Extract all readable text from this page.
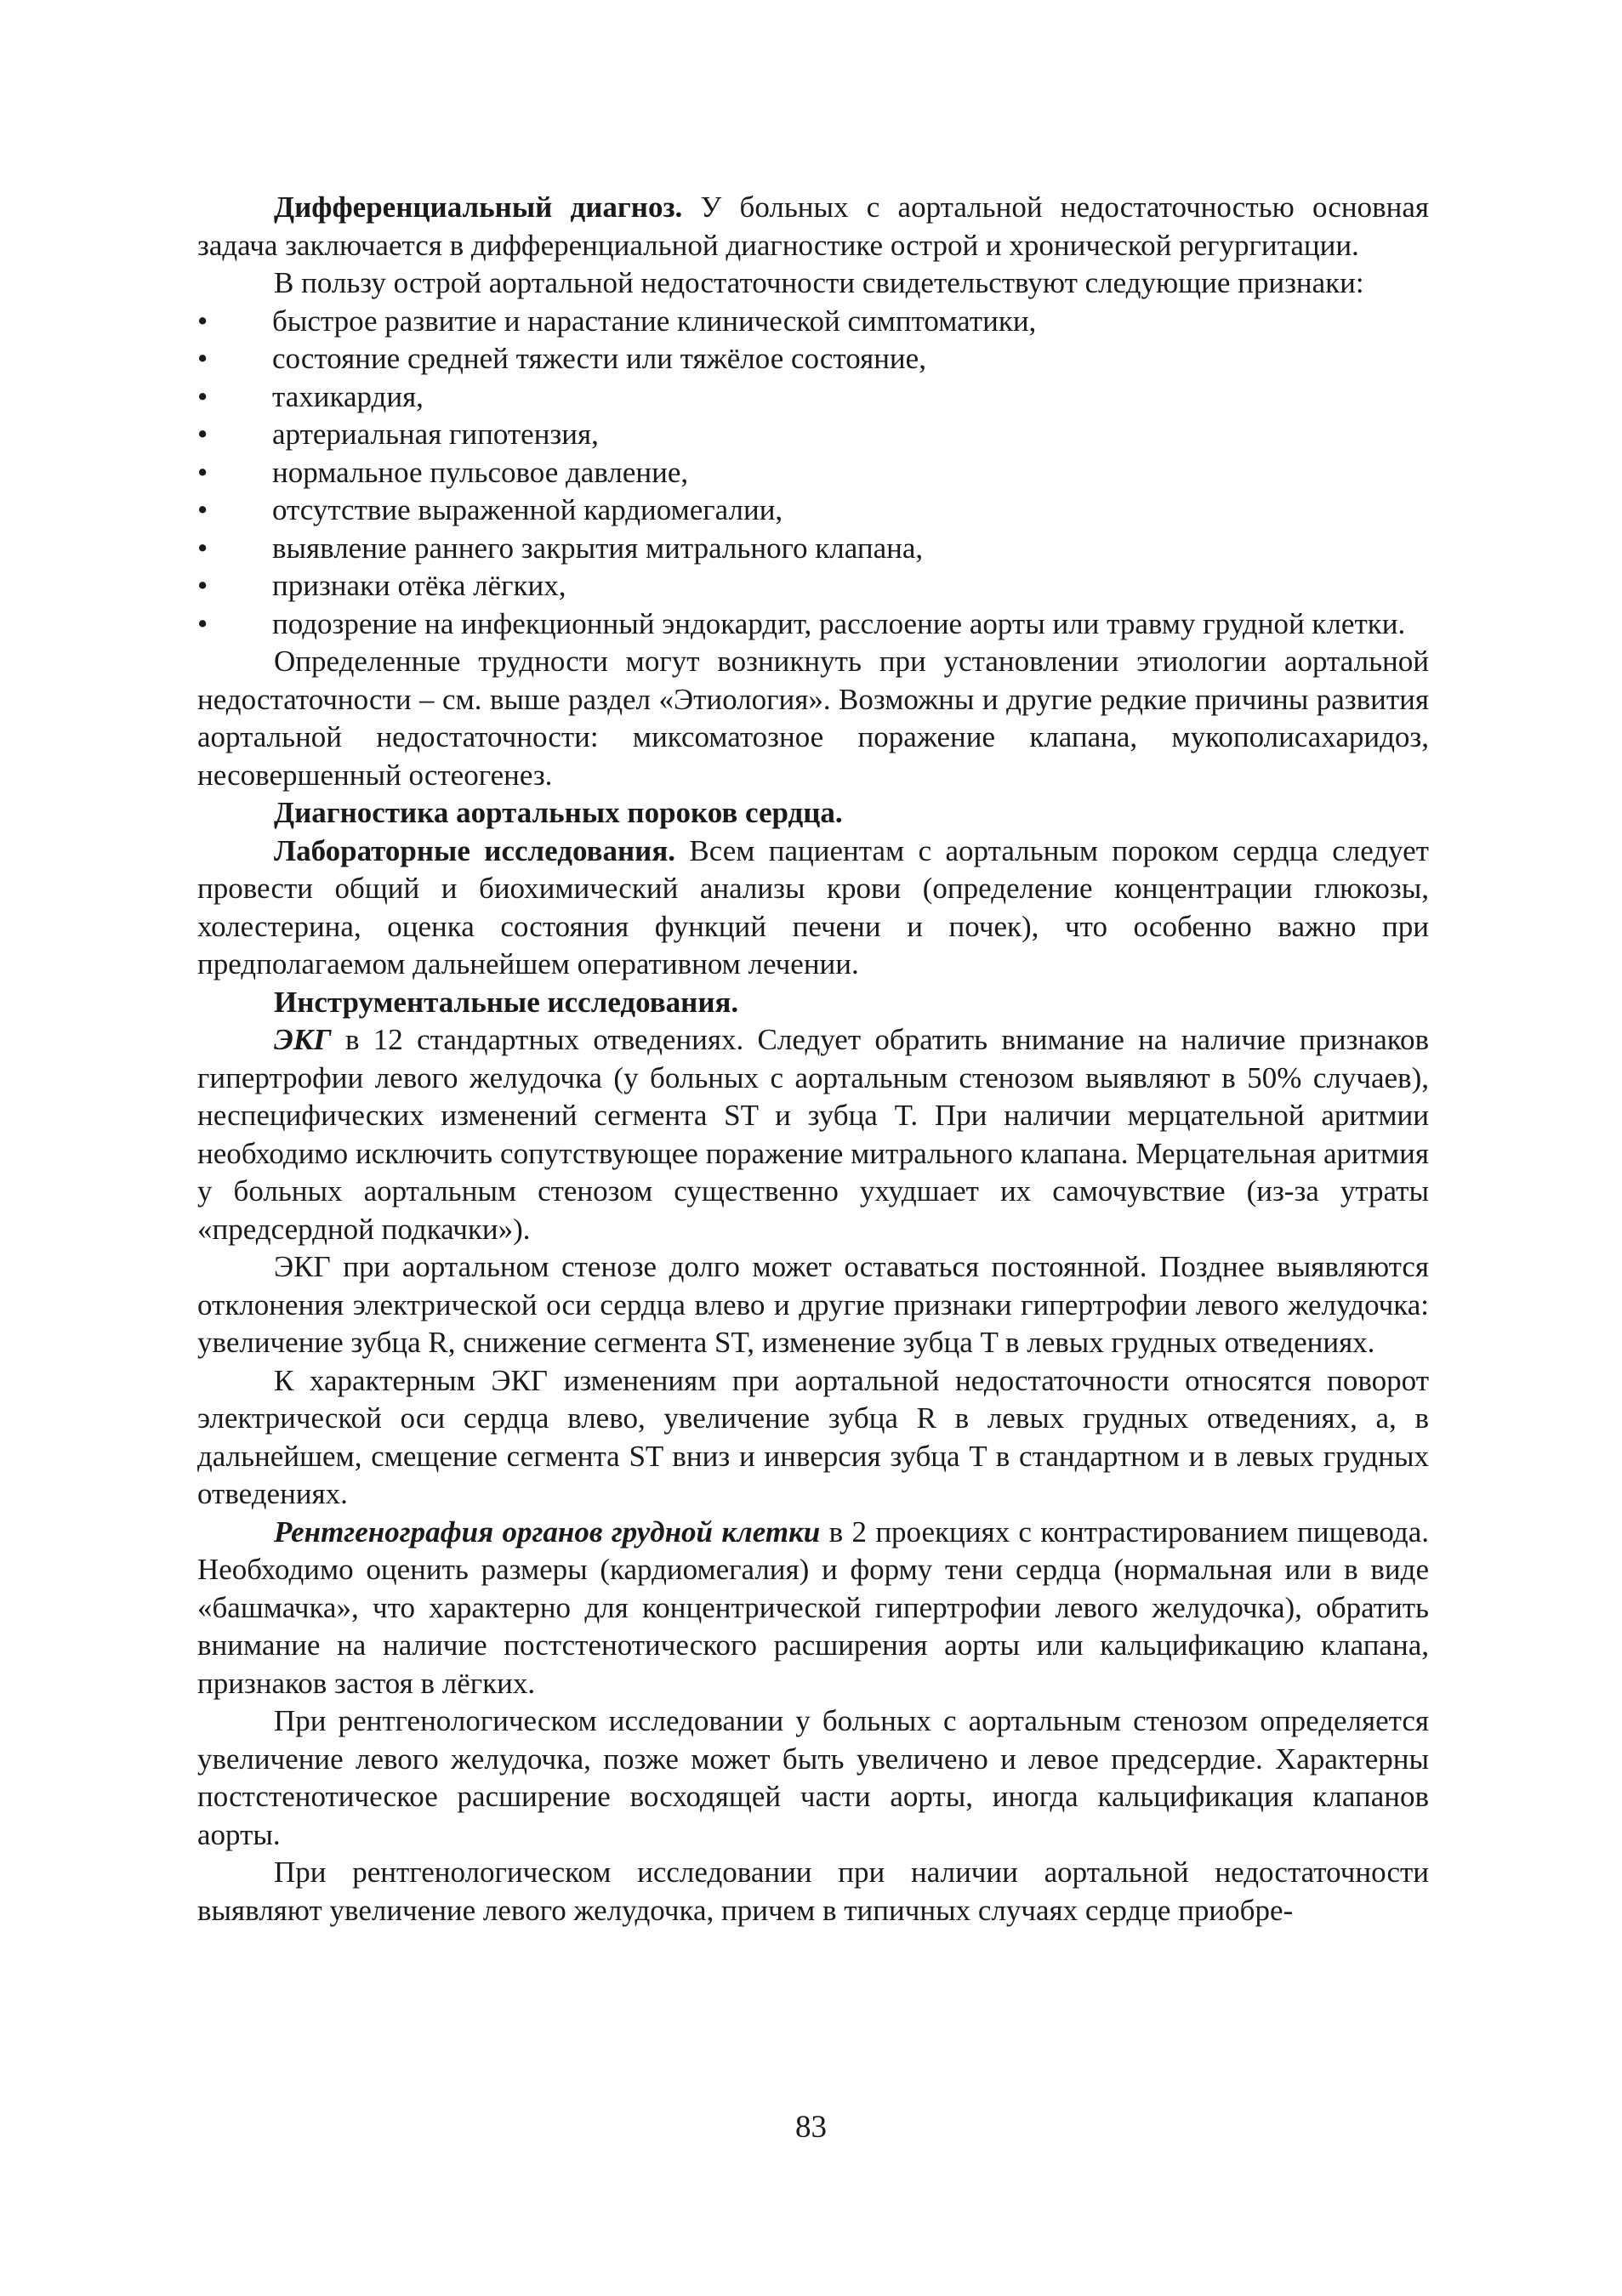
Дифференциальный диагноз. У больных с аортальной недостаточностью основная задача заключается в дифференциальной диагностике острой и хронической регургитации.

В пользу острой аортальной недостаточности свидетельствуют следующие признаки:

•	быстрое развитие и нарастание клинической симптоматики,
•	состояние средней тяжести или тяжёлое состояние,
•	тахикардия,
•	артериальная гипотензия,
•	нормальное пульсовое давление,
•	отсутствие выраженной кардиомегалии,
•	выявление раннего закрытия митрального клапана,
•	признаки отёка лёгких,
•	подозрение на инфекционный эндокардит, расслоение аорты или травму грудной клетки.

Определенные трудности могут возникнуть при установлении этиологии аортальной недостаточности – см. выше раздел «Этиология». Возможны и другие редкие причины развития аортальной недостаточности: миксоматозное поражение клапана, мукополисахаридоз, несовершенный остеогенез.

Диагностика аортальных пороков сердца.

Лабораторные исследования. Всем пациентам с аортальным пороком сердца следует провести общий и биохимический анализы крови (определение концентрации глюкозы, холестерина, оценка состояния функций печени и почек), что особенно важно при предполагаемом дальнейшем оперативном лечении.

Инструментальные исследования.

ЭКГ в 12 стандартных отведениях. Следует обратить внимание на наличие признаков гипертрофии левого желудочка (у больных с аортальным стенозом выявляют в 50% случаев), неспецифических изменений сегмента ST и зубца T. При наличии мерцательной аритмии необходимо исключить сопутствующее поражение митрального клапана. Мерцательная аритмия у больных аортальным стенозом существенно ухудшает их самочувствие (из-за утраты «предсердной подкачки»).

ЭКГ при аортальном стенозе долго может оставаться постоянной. Позднее выявляются отклонения электрической оси сердца влево и другие признаки гипертрофии левого желудочка: увеличение зубца R, снижение сегмента ST, изменение зубца T в левых грудных отведениях.

К характерным ЭКГ изменениям при аортальной недостаточности относятся поворот электрической оси сердца влево, увеличение зубца R в левых грудных отведениях, а, в дальнейшем, смещение сегмента ST вниз и инверсия зубца T в стандартном и в левых грудных отведениях.

Рентгенография органов грудной клетки в 2 проекциях с контрастированием пищевода. Необходимо оценить размеры (кардиомегалия) и форму тени сердца (нормальная или в виде «башмачка», что характерно для концентрической гипертрофии левого желудочка), обратить внимание на наличие постстенотического расширения аорты или кальцификацию клапана, признаков застоя в лёгких.

При рентгенологическом исследовании у больных с аортальным стенозом определяется увеличение левого желудочка, позже может быть увеличено и левое предсердие. Характерны постстенотическое расширение восходящей части аорты, иногда кальцификация клапанов аорты.

При рентгенологическом исследовании при наличии аортальной недостаточности выявляют увеличение левого желудочка, причем в типичных случаях сердце приобре-

83
